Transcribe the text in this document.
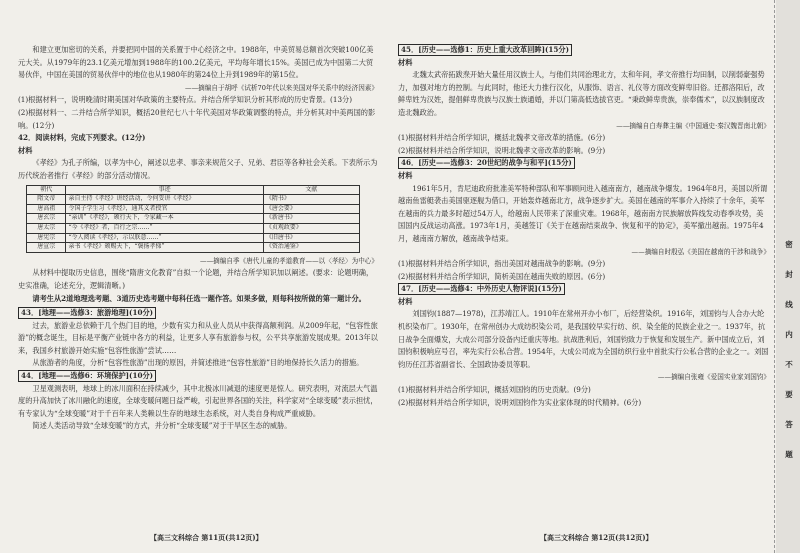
和建立更加密切的关系，并要把同中国的关系置于中心经济之中。1988年，中美贸易总额首次突破100亿美元大关。从1979年的23.1亿美元增加到1988年的100.2亿美元，平均每年增长15%。美国已成为中国第二大贸易伙伴，中国在美国的贸易伙伴中的地位也从1980年的第24位上升到1989年的第15位。

——摘编自于胡呼《试析70年代以来美国对华关系中的经济因素》

(1)根据材料一，说明晚清时期美国对华政策的主要特点。并结合所学知识分析其形成的历史背景。(13分)

(2)根据材料一、二并结合所学知识，概括20世纪七八十年代美国对华政策调整的特点，并分析其对中美两国的影响。(12分)

42．阅读材料，完成下列要求。(12分)

材料

《孝经》为孔子所编，以孝为中心，阐述以忠孝、事亲来规范父子、兄弟、君臣等各种社会关系。下表所示为历代统治者推行《孝经》的部分活动情况。

朝代	事迹	文献
隋文帝	亲自主持《孝经》讲经活动，令何妥讲《孝经》	《隋书》
唐高祖	令国子学生习《孝经》，通其义者授官	《唐会要》
唐玄宗	“亲训”《孝经》，颁行天下，令家藏一本	《新唐书》
唐太宗	“今《孝经》者，百行之宗……”	《贞观政要》
唐宪宗	“令人阅读《孝经》，示以朕意……”	《旧唐书》
唐宣宗	亲书《孝经》颁赐天下，“褒扬孝悌”	《资治通鉴》

——摘编自季《唐代儿童的孝道教育——以〈孝经〉为中心》

从材料中提取历史信息，围绕“隋唐文化教育”自拟一个论题，并结合所学知识加以阐述。(要求：论题明确，史实准确，论述充分，逻辑清晰。)

请考生从2道地理选考题、3道历史选考题中每科任选一题作答。如果多做，则每科按所做的第一题计分。

43．[地理——选修3：旅游地理](10分)

过去，旅游业总依赖于几个热门目的地，少数有实力和从业人员从中获得高额利润。从2009年起，“包容性旅游”的概念诞生，目标是平衡产业链中各方的利益，让更多人享有旅游参与权，公平共享旅游发展成果。2013年以来，我国乡村旅游开始实施“包容性旅游”尝试……

从旅游者的角度，分析“包容性旅游”出现的原因，并简述推进“包容性旅游”目的地保持长久活力的措施。

44．[地理——选修6：环境保护](10分)

卫星观测表明，地球上的冰川面积在持续减少，其中北极冰川减退的速度更是惊人。研究表明，对流层大气温度的升高加快了冰川融化的速度，全球变暖问题日益严峻，引起世界各国的关注，科学家对“全球变暖”表示担忧，有专家认为“全球变暖”对于千百年来人类赖以生存的地球生态系统，对人类自身构成严重威胁。

简述人类活动导致“全球变暖”的方式，并分析“全球变暖”对于干旱区生态的威胁。

45．[历史——选修1：历史上重大改革回眸](15分)

材料

北魏太武帝拓跋焘开始大量任用汉族士人，与他们共同治理北方，太和年间，孝文帝推行均田制，以削弱豪强势力，加强对地方的控制。与此同时，他还大力推行汉化，从服饰、语言、礼仪等方面改变鲜卑旧俗。迁都洛阳后，改鲜卑姓为汉姓，提倡鲜卑贵族与汉族士族通婚，并以门第高低选拔官吏。“秉政鲜卑贵族，崇奉儒术”，以汉族制度改造北魏政治。

——摘编自白寿彝主编《中国通史·秦汉魏晋南北朝》

(1)根据材料并结合所学知识，概括北魏孝文帝改革的措施。(6分)

(2)根据材料并结合所学知识，说明北魏孝文帝改革的影响。(9分)

46．[历史——选修3：20世纪的战争与和平](15分)

材料

1961年5月，肯尼迪政府批准美军特种部队和军事顾问进入越南南方，越南战争爆发。1964年8月，美国以所谓越南鱼雷艇袭击美国驱逐舰为借口，开始轰炸越南北方，战争逐步扩大。美国在越南的军事介入持续了十余年，美军在越南的兵力最多时超过54万人，给越南人民带来了深重灾难。1968年，越南南方民族解放阵线发动春季攻势，美国国内反战运动高涨。1973年1月，美越签订《关于在越南结束战争、恢复和平的协定》，美军撤出越南。1975年4月，越南南方解放，越南战争结束。

——摘编自时殷弘《美国在越南的干涉和战争》

(1)根据材料并结合所学知识，指出美国对越南战争的影响。(9分)

(2)根据材料并结合所学知识，简析美国在越南失败的原因。(6分)

47．[历史——选修4：中外历史人物评说](15分)

材料

刘国钧(1887—1978)，江苏靖江人。1910年在常州开办小布厂，后经营染织。1916年，刘国钧与人合办大纶机织染布厂。1930年，在常州创办大成纺织染公司，是我国较早实行纺、织、染全能的民族企业之一。1937年，抗日战争全面爆发，大成公司部分设备内迁重庆等地。抗战胜利后，刘国钧致力于恢复和发展生产。新中国成立后，刘国钧积极响应号召，率先实行公私合营。1954年，大成公司成为全国纺织行业中首批实行公私合营的企业之一。刘国钧历任江苏省副省长、全国政协委员等职。

——摘编自张雍《爱国实业家刘国钧》

(1)根据材料并结合所学知识，概括刘国钧的历史贡献。(9分)

(2)根据材料并结合所学知识，说明刘国钧作为实业家体现的时代精神。(6分)

【高三文科综合 第11页(共12页)】	【高三文科综合 第12页(共12页)】
密
封
线
内
不
要
答
题
